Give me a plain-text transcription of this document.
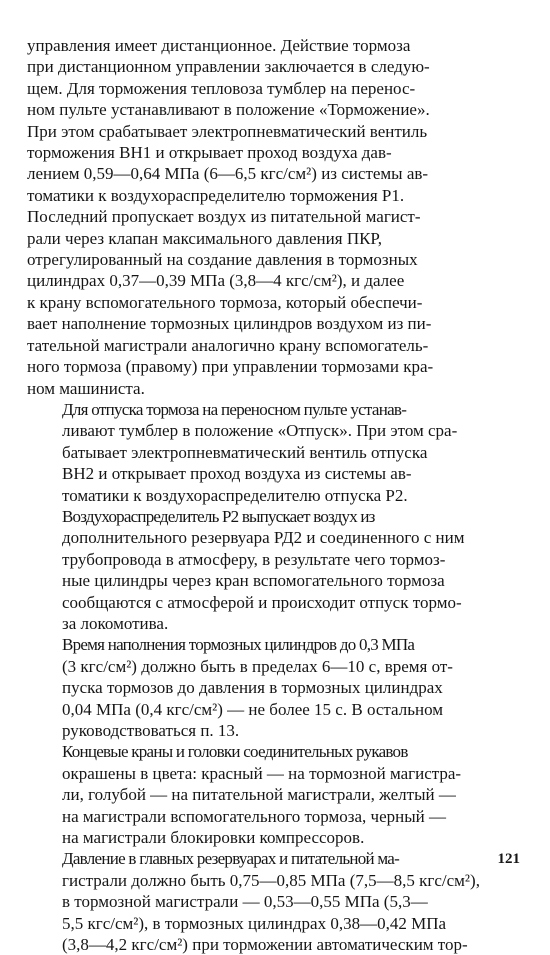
управления имеет дистанционное. Действие тормоза
при дистанционном управлении заключается в следую-
щем. Для торможения тепловоза тумблер на перенос-
ном пульте устанавливают в положение «Торможение».
При этом срабатывает электропневматический вентиль
торможения ВН1 и открывает проход воздуха дав-
лением 0,59—0,64 МПа (6—6,5 кгс/см²) из системы ав-
томатики к воздухораспределителю торможения Р1.
Последний пропускает воздух из питательной магист-
рали через клапан максимального давления ПКР,
отрегулированный на создание давления в тормозных
цилиндрах 0,37—0,39 МПа (3,8—4 кгс/см²), и далее
к крану вспомогательного тормоза, который обеспечи-
вает наполнение тормозных цилиндров воздухом из пи-
тательной магистрали аналогично крану вспомогатель-
ного тормоза (правому) при управлении тормозами кра-
ном машиниста.

Для отпуска тормоза на переносном пульте устанав-
ливают тумблер в положение «Отпуск». При этом сра-
батывает электропневматический вентиль отпуска
ВН2 и открывает проход воздуха из системы ав-
томатики к воздухораспределителю отпуска Р2.

Воздухораспределитель Р2 выпускает воздух из
дополнительного резервуара РД2 и соединенного с ним
трубопровода в атмосферу, в результате чего тормоз-
ные цилиндры через кран вспомогательного тормоза
сообщаются с атмосферой и происходит отпуск тормо-
за локомотива.

Время наполнения тормозных цилиндров до 0,3 МПа
(3 кгс/см²) должно быть в пределах 6—10 с, время от-
пуска тормозов до давления в тормозных цилиндрах
0,04 МПа (0,4 кгс/см²) — не более 15 с. В остальном
руководствоваться п. 13.

Концевые краны и головки соединительных рукавов
окрашены в цвета: красный — на тормозной магистра-
ли, голубой — на питательной магистрали, желтый —
на магистрали вспомогательного тормоза, черный —
на магистрали блокировки компрессоров.

Давление в главных резервуарах и питательной ма-
гистрали должно быть 0,75—0,85 МПа (7,5—8,5 кгс/см²),
в тормозной магистрали — 0,53—0,55 МПа (5,3—
5,5 кгс/см²), в тормозных цилиндрах 0,38—0,42 МПа
(3,8—4,2 кгс/см²) при торможении автоматическим тор-

121
